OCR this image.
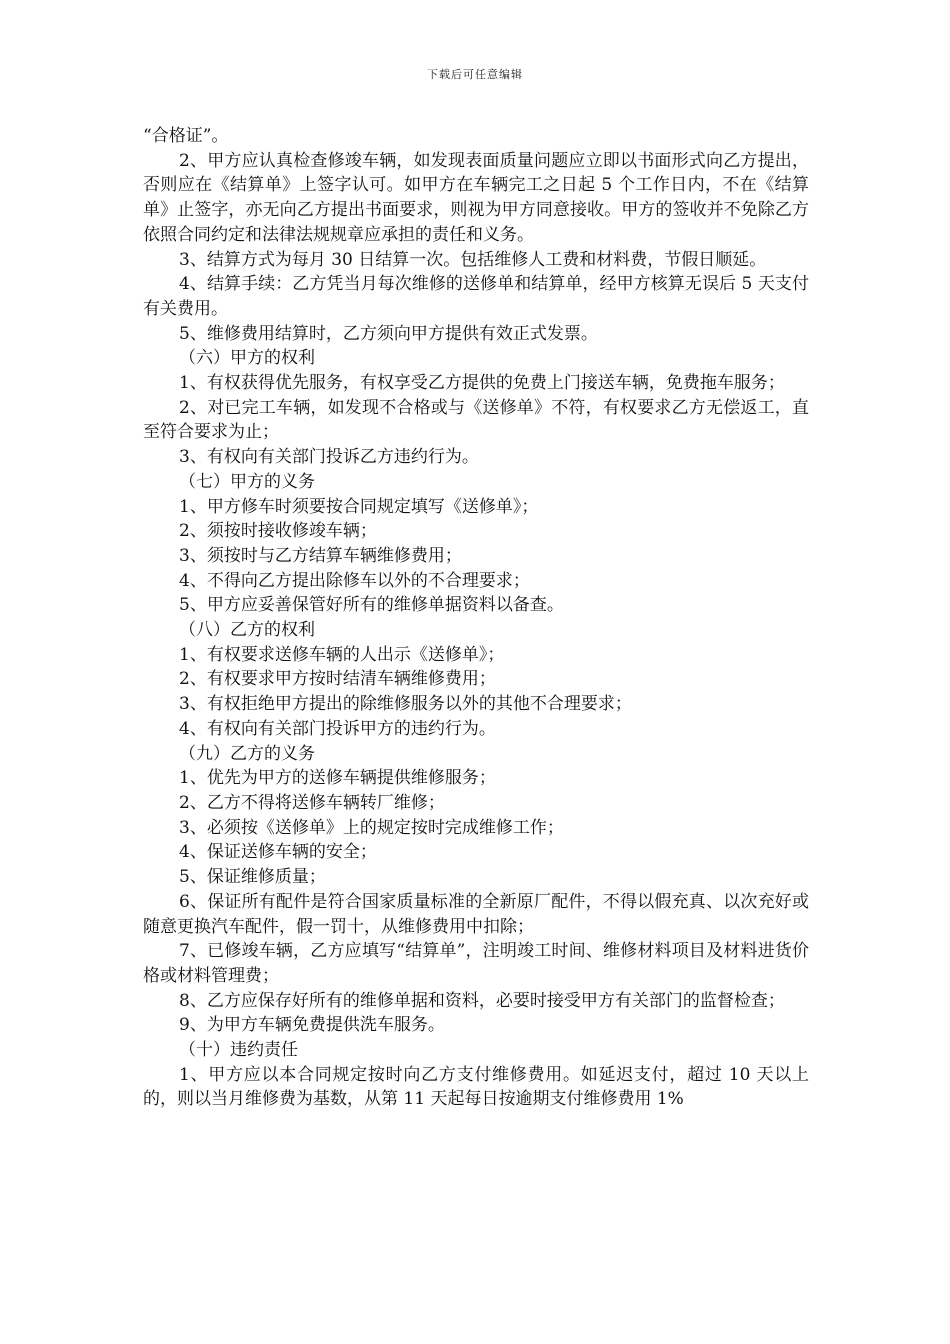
下载后可任意编辑

“合格证”。

2、甲方应认真检查修竣车辆，如发现表面质量问题应立即以书面形式向乙方提出，否则应在《结算单》上签字认可。如甲方在车辆完工之日起 5 个工作日内，不在《结算单》止签字，亦无向乙方提出书面要求，则视为甲方同意接收。甲方的签收并不免除乙方依照合同约定和法律法规规章应承担的责任和义务。

3、结算方式为每月 30 日结算一次。包括维修人工费和材料费，节假日顺延。

4、结算手续：乙方凭当月每次维修的送修单和结算单，经甲方核算无误后 5 天支付有关费用。

5、维修费用结算时，乙方须向甲方提供有效正式发票。

（六）甲方的权利

1、有权获得优先服务，有权享受乙方提供的免费上门接送车辆，免费拖车服务；

2、对已完工车辆，如发现不合格或与《送修单》不符，有权要求乙方无偿返工，直至符合要求为止；

3、有权向有关部门投诉乙方违约行为。

（七）甲方的义务

1、甲方修车时须要按合同规定填写《送修单》；

2、须按时接收修竣车辆；

3、须按时与乙方结算车辆维修费用；

4、不得向乙方提出除修车以外的不合理要求；

5、甲方应妥善保管好所有的维修单据资料以备查。

（八）乙方的权利

1、有权要求送修车辆的人出示《送修单》；

2、有权要求甲方按时结清车辆维修费用；

3、有权拒绝甲方提出的除维修服务以外的其他不合理要求；

4、有权向有关部门投诉甲方的违约行为。

（九）乙方的义务

1、优先为甲方的送修车辆提供维修服务；

2、乙方不得将送修车辆转厂维修；

3、必须按《送修单》上的规定按时完成维修工作；

4、保证送修车辆的安全；

5、保证维修质量；

6、保证所有配件是符合国家质量标准的全新原厂配件，不得以假充真、以次充好或随意更换汽车配件，假一罚十，从维修费用中扣除；

7、已修竣车辆，乙方应填写“结算单”，注明竣工时间、维修材料项目及材料进货价格或材料管理费；

8、乙方应保存好所有的维修单据和资料，必要时接受甲方有关部门的监督检查；

9、为甲方车辆免费提供洗车服务。

（十）违约责任

1、甲方应以本合同规定按时向乙方支付维修费用。如延迟支付，超过 10 天以上的，则以当月维修费为基数，从第 11 天起每日按逾期支付维修费用 1%
